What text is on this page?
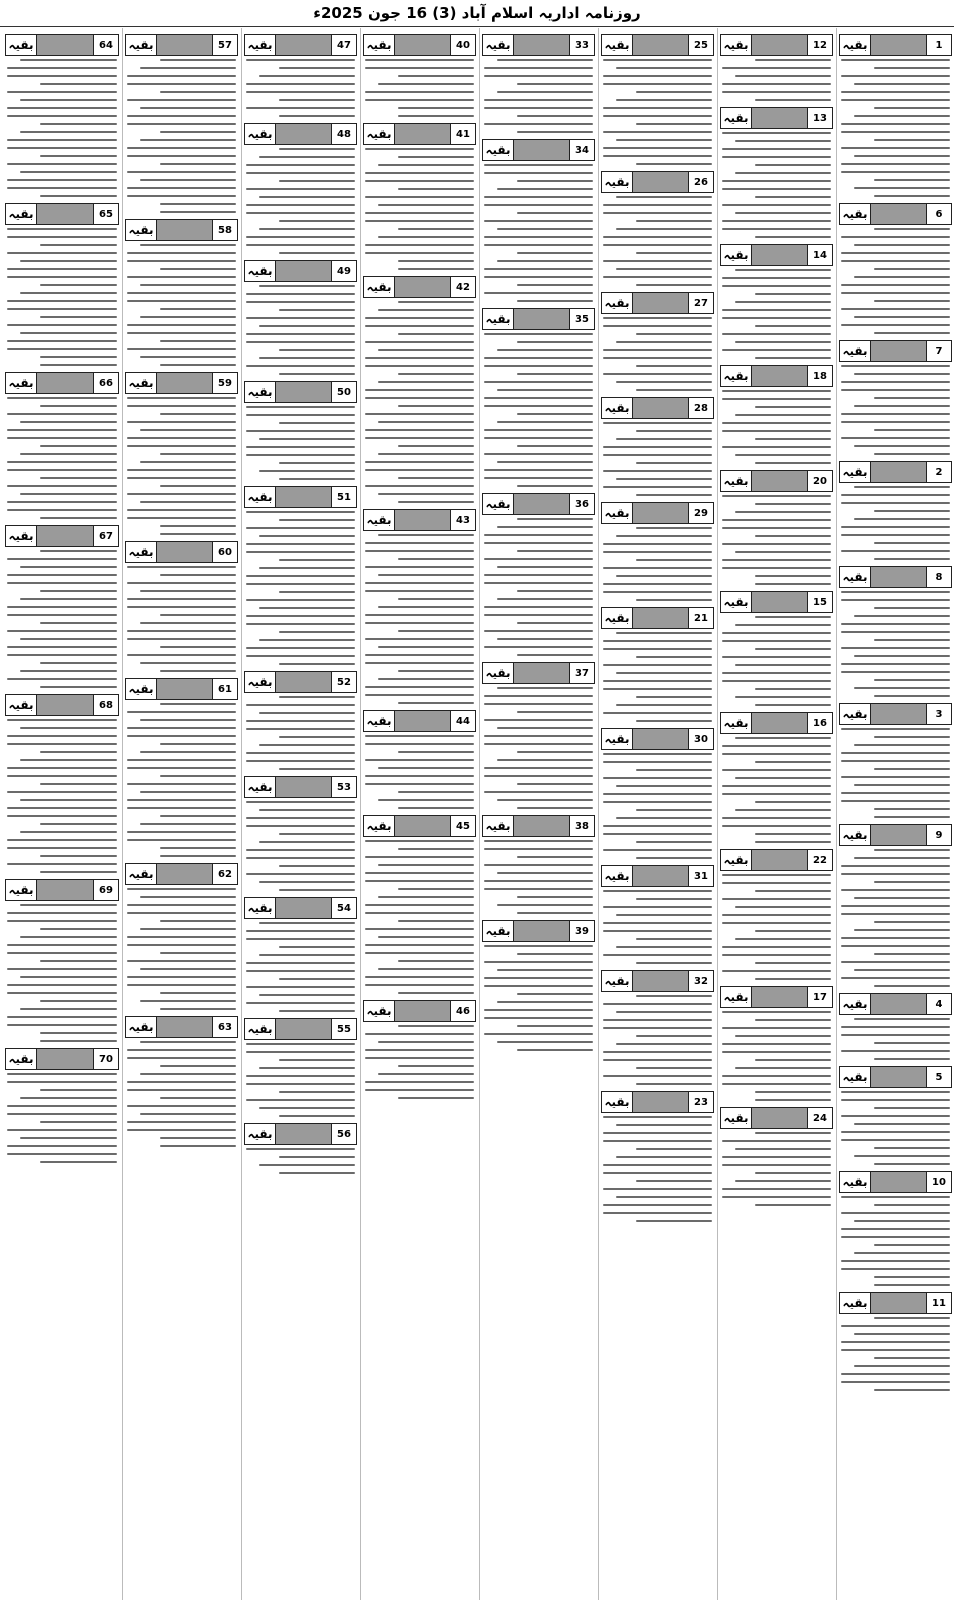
روزنامہ اداریہ اسلام آباد (3) 16 جون 2025ء
1
بقیہ
6
بقیہ
7
بقیہ
2
بقیہ
8
بقیہ
3
بقیہ
9
بقیہ
4
بقیہ
5
بقیہ
10
بقیہ
11
بقیہ
12
بقیہ
13
بقیہ
14
بقیہ
18
بقیہ
20
بقیہ
15
بقیہ
16
بقیہ
22
بقیہ
17
بقیہ
24
بقیہ
25
بقیہ
26
بقیہ
27
بقیہ
28
بقیہ
29
بقیہ
21
بقیہ
30
بقیہ
31
بقیہ
32
بقیہ
23
بقیہ
33
بقیہ
34
بقیہ
35
بقیہ
36
بقیہ
37
بقیہ
38
بقیہ
39
بقیہ
40
بقیہ
41
بقیہ
42
بقیہ
43
بقیہ
44
بقیہ
45
بقیہ
46
بقیہ
47
بقیہ
48
بقیہ
49
بقیہ
50
بقیہ
51
بقیہ
52
بقیہ
53
بقیہ
54
بقیہ
55
بقیہ
56
بقیہ
57
بقیہ
58
بقیہ
59
بقیہ
60
بقیہ
61
بقیہ
62
بقیہ
63
بقیہ
64
بقیہ
65
بقیہ
66
بقیہ
67
بقیہ
68
بقیہ
69
بقیہ
70
بقیہ
